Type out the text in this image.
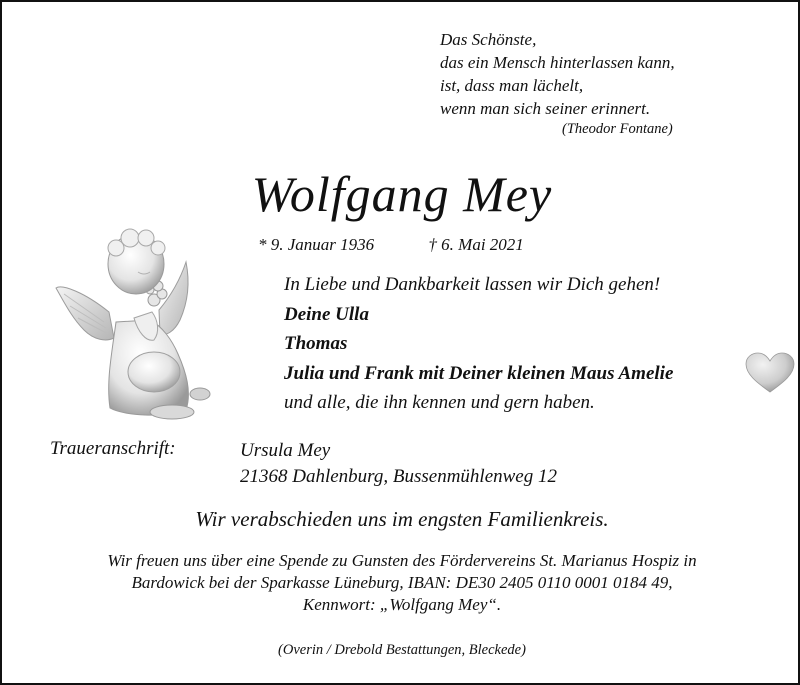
Das Schönste,
das ein Mensch hinterlassen kann,
ist, dass man lächelt,
wenn man sich seiner erinnert.
(Theodor Fontane)
Wolfgang Mey
* 9. Januar 1936	† 6. Mai 2021
In Liebe und Dankbarkeit lassen wir Dich gehen!
Deine Ulla
Thomas
Julia und Frank mit Deiner kleinen Maus Amelie
und alle, die ihn kennen und gern haben.
Traueranschrift:	Ursula Mey
21368 Dahlenburg, Bussenmühlenweg 12
Wir verabschieden uns im engsten Familienkreis.
Wir freuen uns über eine Spende zu Gunsten des Fördervereins St. Marianus Hospiz in
Bardowick bei der Sparkasse Lüneburg, IBAN: DE30 2405 0110 0001 0184 49,
Kennwort: „Wolfgang Mey“.
(Overin / Drebold Bestattungen, Bleckede)
